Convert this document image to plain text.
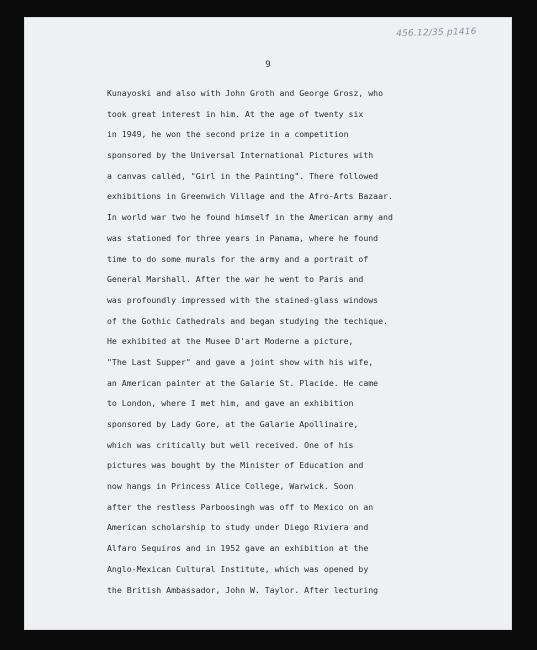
456.12/35 p1416
9
Kunayoski and also with John Groth and George Grosz, who
took great interest in him. At the age of twenty six
in 1949, he won the second prize in a competition
sponsored by the Universal International Pictures with
a canvas called, "Girl in the Painting". There followed
exhibitions in Greenwich Village and the Afro-Arts Bazaar.
In world war two he found himself in the American army and
was stationed for three years in Panama, where he found
time to do some murals for the army and a portrait of
General Marshall. After the war he went to Paris and
was profoundly impressed with the stained-glass windows
of the Gothic Cathedrals and began studying the techique.
He exhibited at the Musee D'art Moderne a picture,
"The Last Supper" and gave a joint show with his wife,
an American painter at the Galarie St. Placide. He came
to London, where I met him, and gave an exhibition
sponsored by Lady Gore, at the Galarie Apollinaire,
which was critically but well received. One of his
pictures was bought by the Minister of Education and
now hangs in Princess Alice College, Warwick. Soon
after the restless Parboosingh was off to Mexico on an
American scholarship to study under Diego Riviera and
Alfaro Sequiros and in 1952 gave an exhibition at the
Anglo-Mexican Cultural Institute, which was opened by
the British Ambassador, John W. Taylor. After lecturing
